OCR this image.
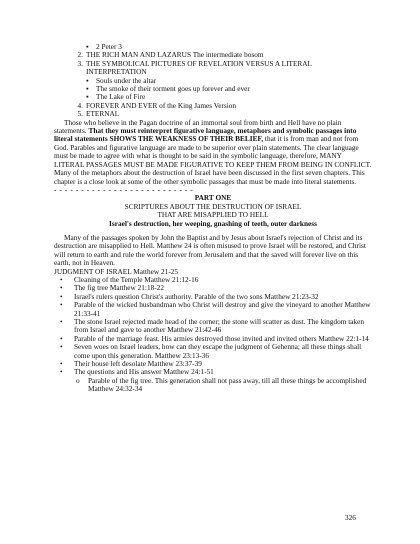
▪	2 Peter 3
2. THE RICH MAN AND LAZARUS The intermediate bosom
3. THE SYMBOLICAL PICTURES OF REVELATION VERSUS A LITERAL INTERPRETATION
▪	Souls under the altar
▪	The smoke of their torment goes up forever and ever
▪	The Lake of Fire
4. FOREVER AND EVER of the King James Version
5. ETERNAL

Those who believe in the Pagan doctrine of an immortal soul from birth and Hell have no plain statements. That they must reinterpret figurative language, metaphors and symbolic passages into literal statements SHOWS THE WEAKNESS OF THEIR BELIEF, that it is from man and not from God. Parables and figurative language are made to be superior over plain statements. The clear language must be made to agree with what is thought to be said in the symbolic language, therefore, MANY LITERAL PASSAGES MUST BE MADE FIGURATIVE TO KEEP THEM FROM BEING IN CONFLICT. Many of the metaphors about the destruction of Israel have been discussed in the first seven chapters. This chapter is a close look at some of the other symbolic passages that must be made into literal statements.

- - - - - - - - - - - - - - - - - - - - - - - - - -

PART ONE

SCRIPTURES ABOUT THE DESTRUCTION OF ISRAEL

THAT ARE MISAPPLIED TO HELL

Israel's destruction, her weeping, gnashing of teeth, outer darkness

Many of the passages spoken by John the Baptist and by Jesus about Israel's rejection of Christ and its destruction are misapplied to Hell. Matthew 24 is often misused to prove Israel will be restored, and Christ will return to earth and rule the world forever from Jerusalem and that the saved will forever live on this earth, not in Heaven.

JUDGMENT OF ISRAEL Matthew 21-25

• Cleaning of the Temple Matthew 21:12-16
• The fig tree Matthew 21:18-22
• Israel's rulers question Christ's authority. Parable of the two sons Matthew 21:23-32
• Parable of the wicked husbandman who Christ will destroy and give the vineyard to another Matthew 21:33-41
• The stone Israel rejected made head of the corner; the stone will scatter as dust. The kingdom taken from Israel and gave to another Matthew 21:42-46
• Parable of the marriage feast. His armies destroyed those invited and invited others Matthew 22:1-14
• Seven woes on Israel leaders, how can they escape the judgment of Gehenna; all these things shall come upon this generation. Matthew 23:13-36
• Their house left desolate Matthew 23:37-39
• The questions and His answer Matthew 24:1-51
o Parable of the fig tree. This generation shall not pass away, till all these things be accomplished Matthew 24:32-34
326
